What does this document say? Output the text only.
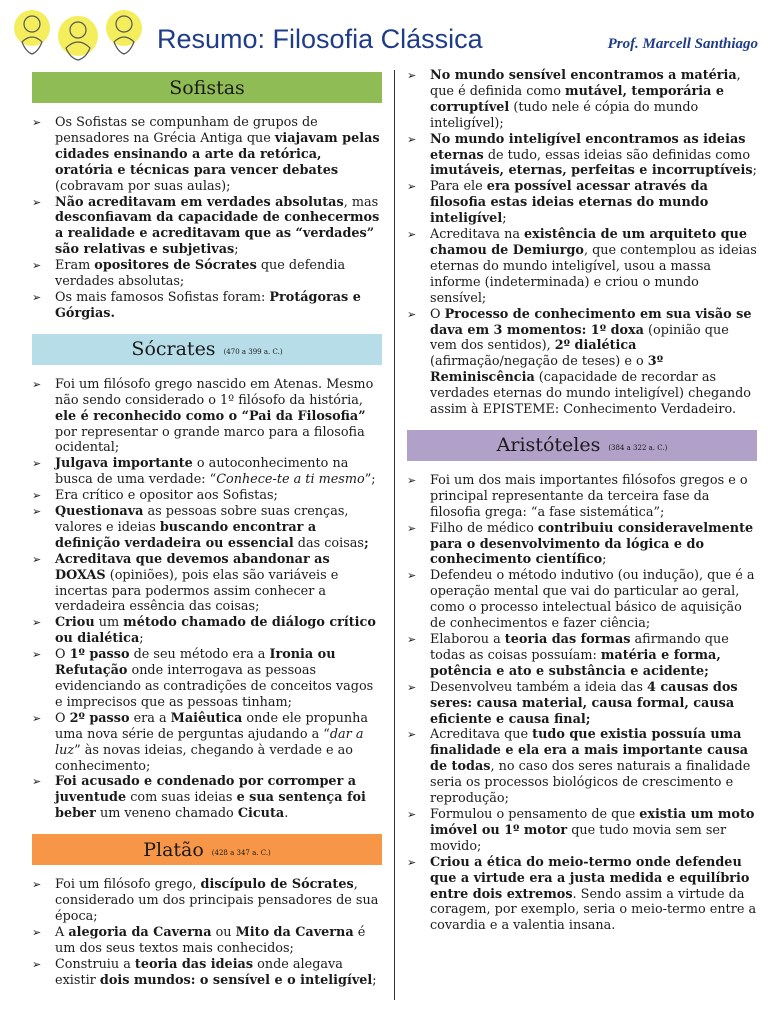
Resumo: Filosofia Clássica	Prof. Marcell Santhiago
Sofistas
➢ Os Sofistas se compunham de grupos de pensadores na Grécia Antiga que viajavam pelas cidades ensinando a arte da retórica, oratória e técnicas para vencer debates (cobravam por suas aulas);
➢ Não acreditavam em verdades absolutas, mas desconfiavam da capacidade de conhecermos a realidade e acreditavam que as “verdades” são relativas e subjetivas;
➢ Eram opositores de Sócrates que defendia verdades absolutas;
➢ Os mais famosos Sofistas foram: Protágoras e Górgias.
Sócrates (470 a 399 a. C.)
➢ Foi um filósofo grego nascido em Atenas. Mesmo não sendo considerado o 1º filósofo da história, ele é reconhecido como o “Pai da Filosofia” por representar o grande marco para a filosofia ocidental;
➢ Julgava importante o autoconhecimento na busca de uma verdade: “Conhece-te a ti mesmo”;
➢ Era crítico e opositor aos Sofistas;
➢ Questionava as pessoas sobre suas crenças, valores e ideias buscando encontrar a definição verdadeira ou essencial das coisas;
➢ Acreditava que devemos abandonar as DOXAS (opiniões), pois elas são variáveis e incertas para podermos assim conhecer a verdadeira essência das coisas;
➢ Criou um método chamado de diálogo crítico ou dialética;
➢ O 1º passo de seu método era a Ironia ou Refutação onde interrogava as pessoas evidenciando as contradições de conceitos vagos e imprecisos que as pessoas tinham;
➢ O 2º passo era a Maiêutica onde ele propunha uma nova série de perguntas ajudando a “dar a luz” às novas ideias, chegando à verdade e ao conhecimento;
➢ Foi acusado e condenado por corromper a juventude com suas ideias e sua sentença foi beber um veneno chamado Cicuta.
Platão (428 a 347 a. C.)
➢ Foi um filósofo grego, discípulo de Sócrates, considerado um dos principais pensadores de sua época;
➢ A alegoria da Caverna ou Mito da Caverna é um dos seus textos mais conhecidos;
➢ Construiu a teoria das ideias onde alegava existir dois mundos: o sensível e o inteligível;
➢ No mundo sensível encontramos a matéria, que é definida como mutável, temporária e corruptível (tudo nele é cópia do mundo inteligível);
➢ No mundo inteligível encontramos as ideias eternas de tudo, essas ideias são definidas como imutáveis, eternas, perfeitas e incorruptíveis;
➢ Para ele era possível acessar através da filosofia estas ideias eternas do mundo inteligível;
➢ Acreditava na existência de um arquiteto que chamou de Demiurgo, que contemplou as ideias eternas do mundo inteligível, usou a massa informe (indeterminada) e criou o mundo sensível;
➢ O Processo de conhecimento em sua visão se dava em 3 momentos: 1º doxa (opinião que vem dos sentidos), 2º dialética (afirmação/negação de teses) e o 3º Reminiscência (capacidade de recordar as verdades eternas do mundo inteligível) chegando assim à EPISTEME: Conhecimento Verdadeiro.
Aristóteles (384 a 322 a. C.)
➢ Foi um dos mais importantes filósofos gregos e o principal representante da terceira fase da filosofia grega: “a fase sistemática”;
➢ Filho de médico contribuiu consideravelmente para o desenvolvimento da lógica e do conhecimento científico;
➢ Defendeu o método indutivo (ou indução), que é a operação mental que vai do particular ao geral, como o processo intelectual básico de aquisição de conhecimentos e fazer ciência;
➢ Elaborou a teoria das formas afirmando que todas as coisas possuíam: matéria e forma, potência e ato e substância e acidente;
➢ Desenvolveu também a ideia das 4 causas dos seres: causa material, causa formal, causa eficiente e causa final;
➢ Acreditava que tudo que existia possuía uma finalidade e ela era a mais importante causa de todas, no caso dos seres naturais a finalidade seria os processos biológicos de crescimento e reprodução;
➢ Formulou o pensamento de que existia um moto imóvel ou 1º motor que tudo movia sem ser movido;
➢ Criou a ética do meio-termo onde defendeu que a virtude era a justa medida e equilíbrio entre dois extremos. Sendo assim a virtude da coragem, por exemplo, seria o meio-termo entre a covardia e a valentia insana.
